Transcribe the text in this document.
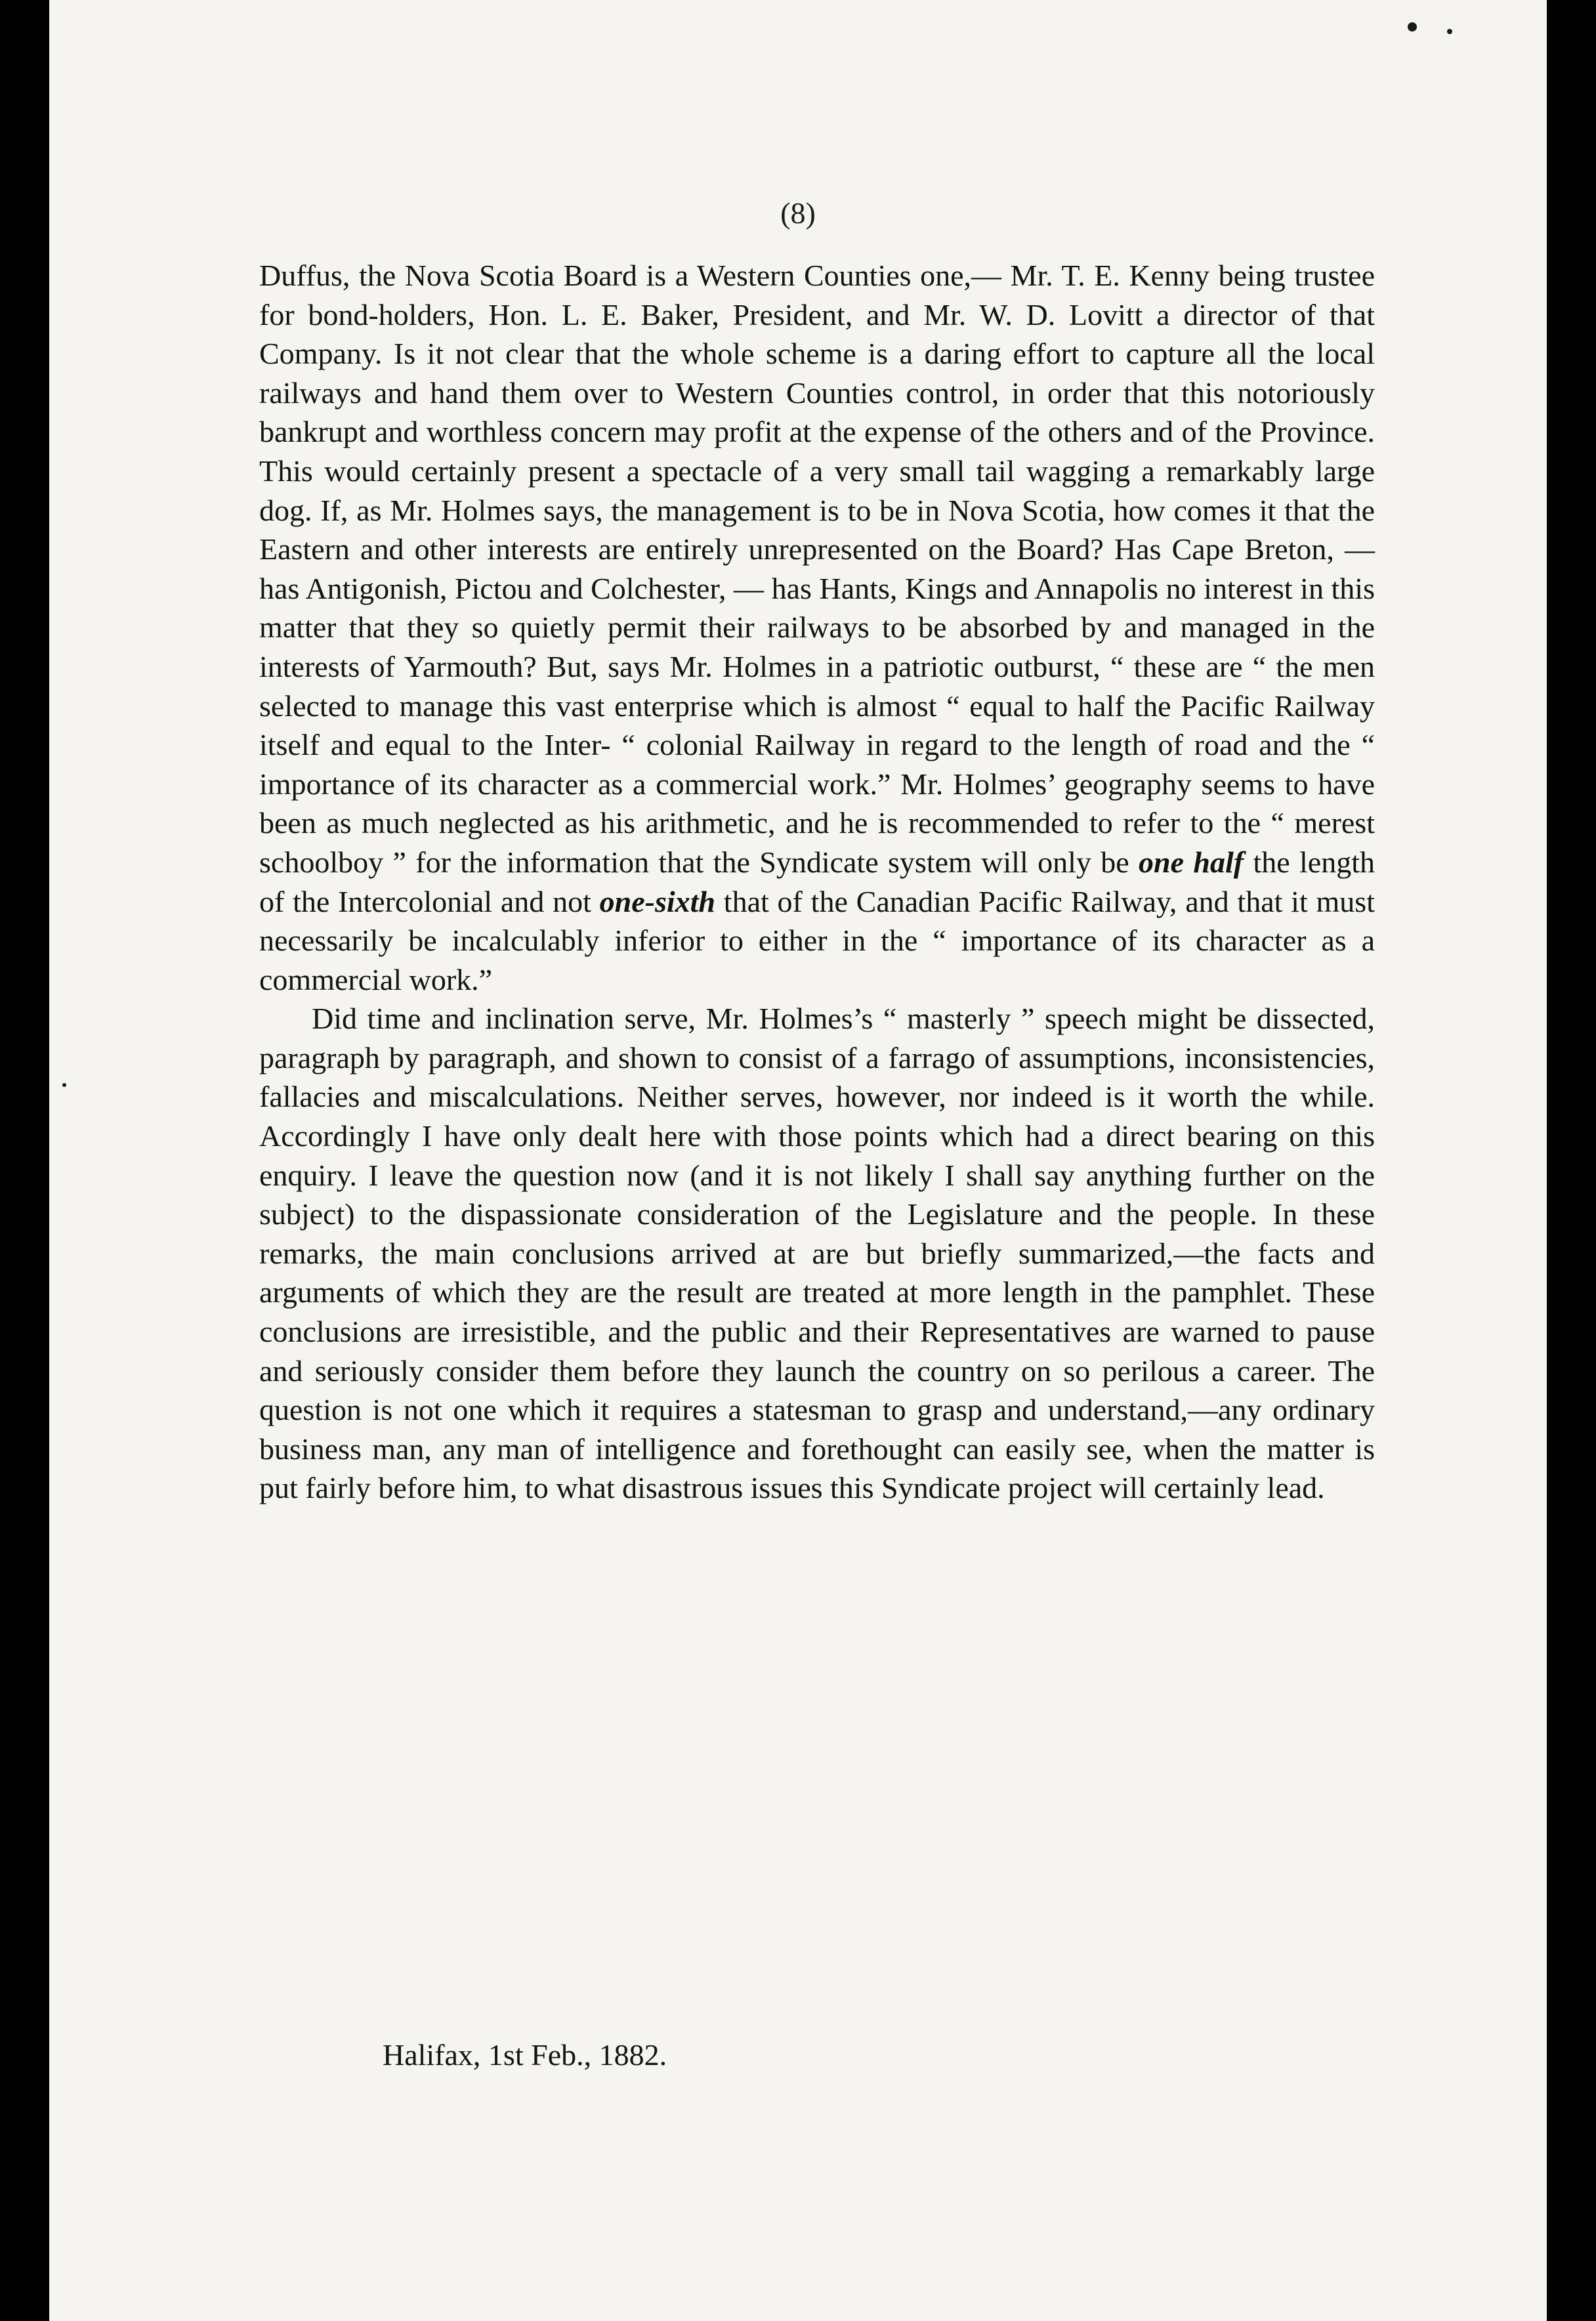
(8)

Duffus, the Nova Scotia Board is a Western Counties one,— Mr. T. E. Kenny being trustee for bond-holders, Hon. L. E. Baker, President, and Mr. W. D. Lovitt a director of that Company. Is it not clear that the whole scheme is a daring effort to capture all the local railways and hand them over to Western Counties control, in order that this notoriously bankrupt and worthless concern may profit at the expense of the others and of the Province. This would certainly present a spectacle of a very small tail wagging a remarkably large dog. If, as Mr. Holmes says, the management is to be in Nova Scotia, how comes it that the Eastern and other interests are entirely unrepresented on the Board? Has Cape Breton, — has Antigonish, Pictou and Colchester, — has Hants, Kings and Annapolis no interest in this matter that they so quietly permit their railways to be absorbed by and managed in the interests of Yarmouth? But, says Mr. Holmes in a patriotic outburst, “ these are “ the men selected to manage this vast enterprise which is almost “ equal to half the Pacific Railway itself and equal to the Inter- “ colonial Railway in regard to the length of road and the “ importance of its character as a commercial work.” Mr. Holmes’ geography seems to have been as much neglected as his arithmetic, and he is recommended to refer to the “ merest schoolboy ” for the information that the Syndicate system will only be one half the length of the Intercolonial and not one-sixth that of the Canadian Pacific Railway, and that it must necessarily be incalculably inferior to either in the “ importance of its character as a commercial work.”

Did time and inclination serve, Mr. Holmes’s “ masterly ” speech might be dissected, paragraph by paragraph, and shown to consist of a farrago of assumptions, inconsistencies, fallacies and miscalculations. Neither serves, however, nor indeed is it worth the while. Accordingly I have only dealt here with those points which had a direct bearing on this enquiry. I leave the question now (and it is not likely I shall say anything further on the subject) to the dispassionate consideration of the Legislature and the people. In these remarks, the main conclusions arrived at are but briefly summarized,—the facts and arguments of which they are the result are treated at more length in the pamphlet. These conclusions are irresistible, and the public and their Representatives are warned to pause and seriously consider them before they launch the country on so perilous a career. The question is not one which it requires a statesman to grasp and understand,—any ordinary business man, any man of intelligence and forethought can easily see, when the matter is put fairly before him, to what disastrous issues this Syndicate project will certainly lead.

Halifax, 1st Feb., 1882.
